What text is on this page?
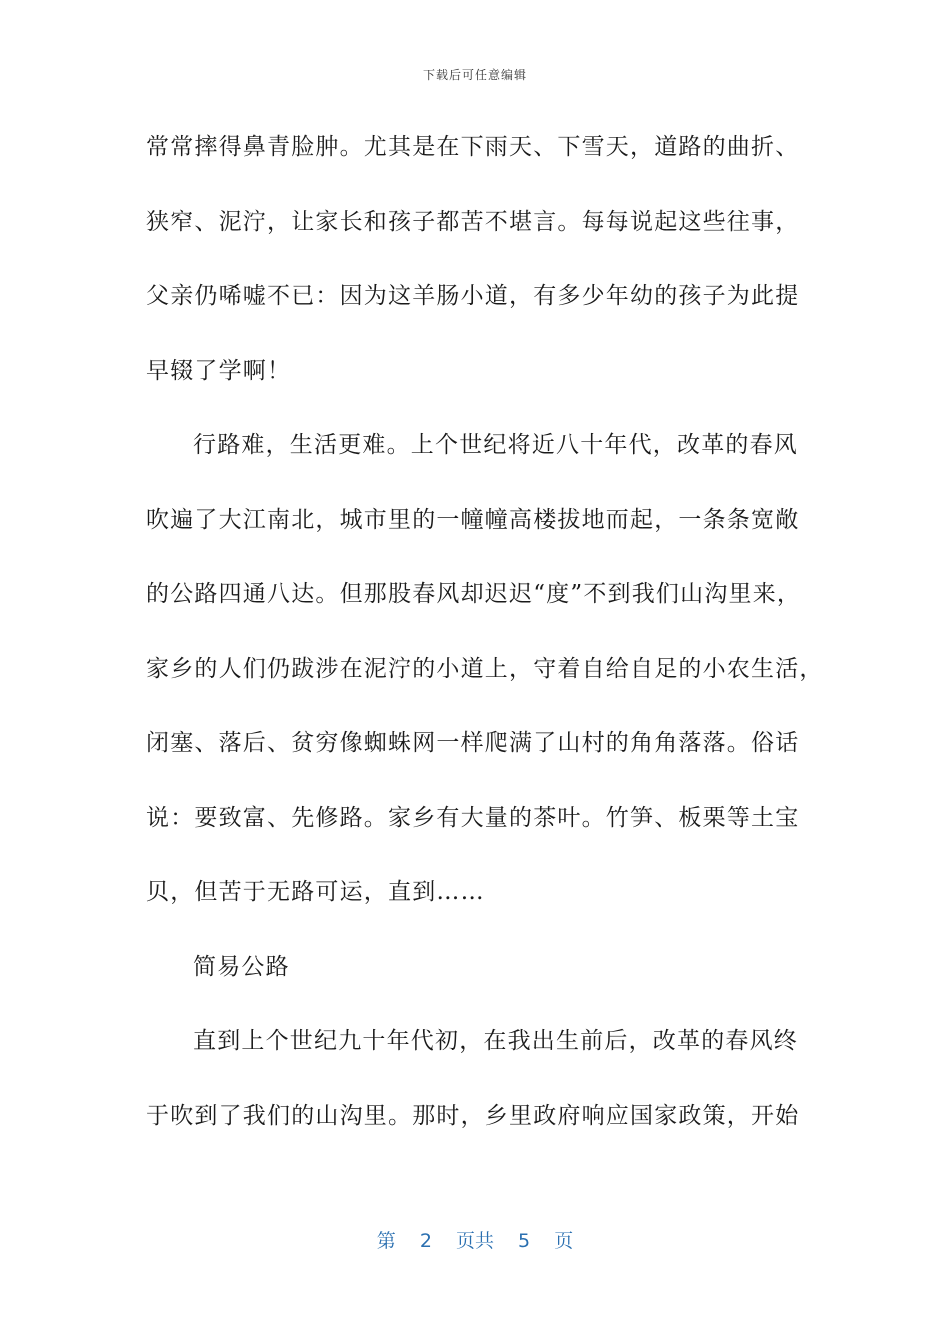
下载后可任意编辑
常常摔得鼻青脸肿。尤其是在下雨天、下雪天，道路的曲折、
狭窄、泥泞，让家长和孩子都苦不堪言。每每说起这些往事，
父亲仍唏嘘不已：因为这羊肠小道，有多少年幼的孩子为此提
早辍了学啊！
行路难，生活更难。上个世纪将近八十年代，改革的春风
吹遍了大江南北，城市里的一幢幢高楼拔地而起，一条条宽敞
的公路四通八达。但那股春风却迟迟“度”不到我们山沟里来，
家乡的人们仍跋涉在泥泞的小道上，守着自给自足的小农生活，
闭塞、落后、贫穷像蜘蛛网一样爬满了山村的角角落落。俗话
说：要致富、先修路。家乡有大量的茶叶。竹笋、板栗等土宝
贝，但苦于无路可运，直到……
简易公路
直到上个世纪九十年代初，在我出生前后，改革的春风终
于吹到了我们的山沟里。那时，乡里政府响应国家政策，开始
第 2 页共 5 页
